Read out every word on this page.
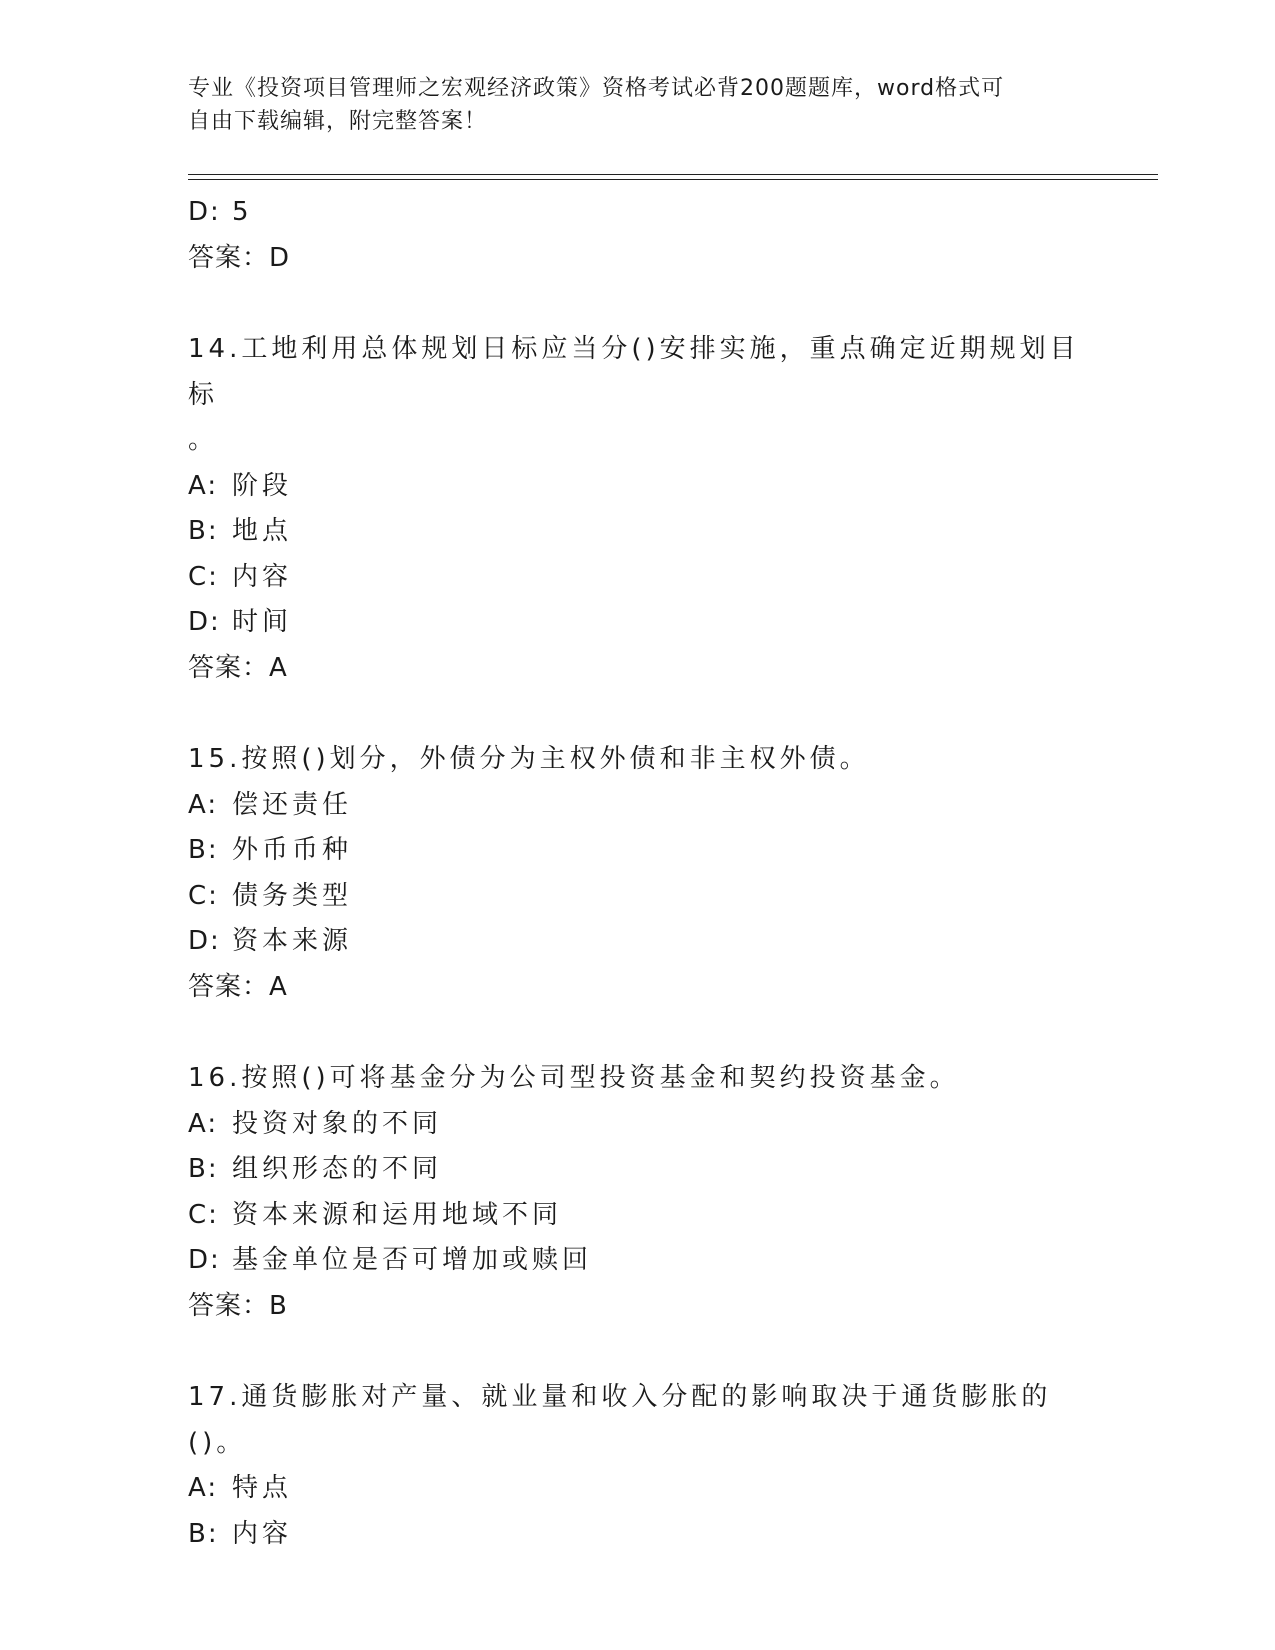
专业《投资项目管理师之宏观经济政策》资格考试必背200题题库，word格式可
自由下载编辑，附完整答案！
D: 5
答案：D
14.工地利用总体规划日标应当分()安排实施，重点确定近期规划目标
。
A: 阶段
B: 地点
C: 内容
D: 时间
答案：A
15.按照()划分，外债分为主权外债和非主权外债。
A: 偿还责任
B: 外币币种
C: 债务类型
D: 资本来源
答案：A
16.按照()可将基金分为公司型投资基金和契约投资基金。
A: 投资对象的不同
B: 组织形态的不同
C: 资本来源和运用地域不同
D: 基金单位是否可增加或赎回
答案：B
17.通货膨胀对产量、就业量和收入分配的影响取决于通货膨胀的()。
A: 特点
B: 内容
